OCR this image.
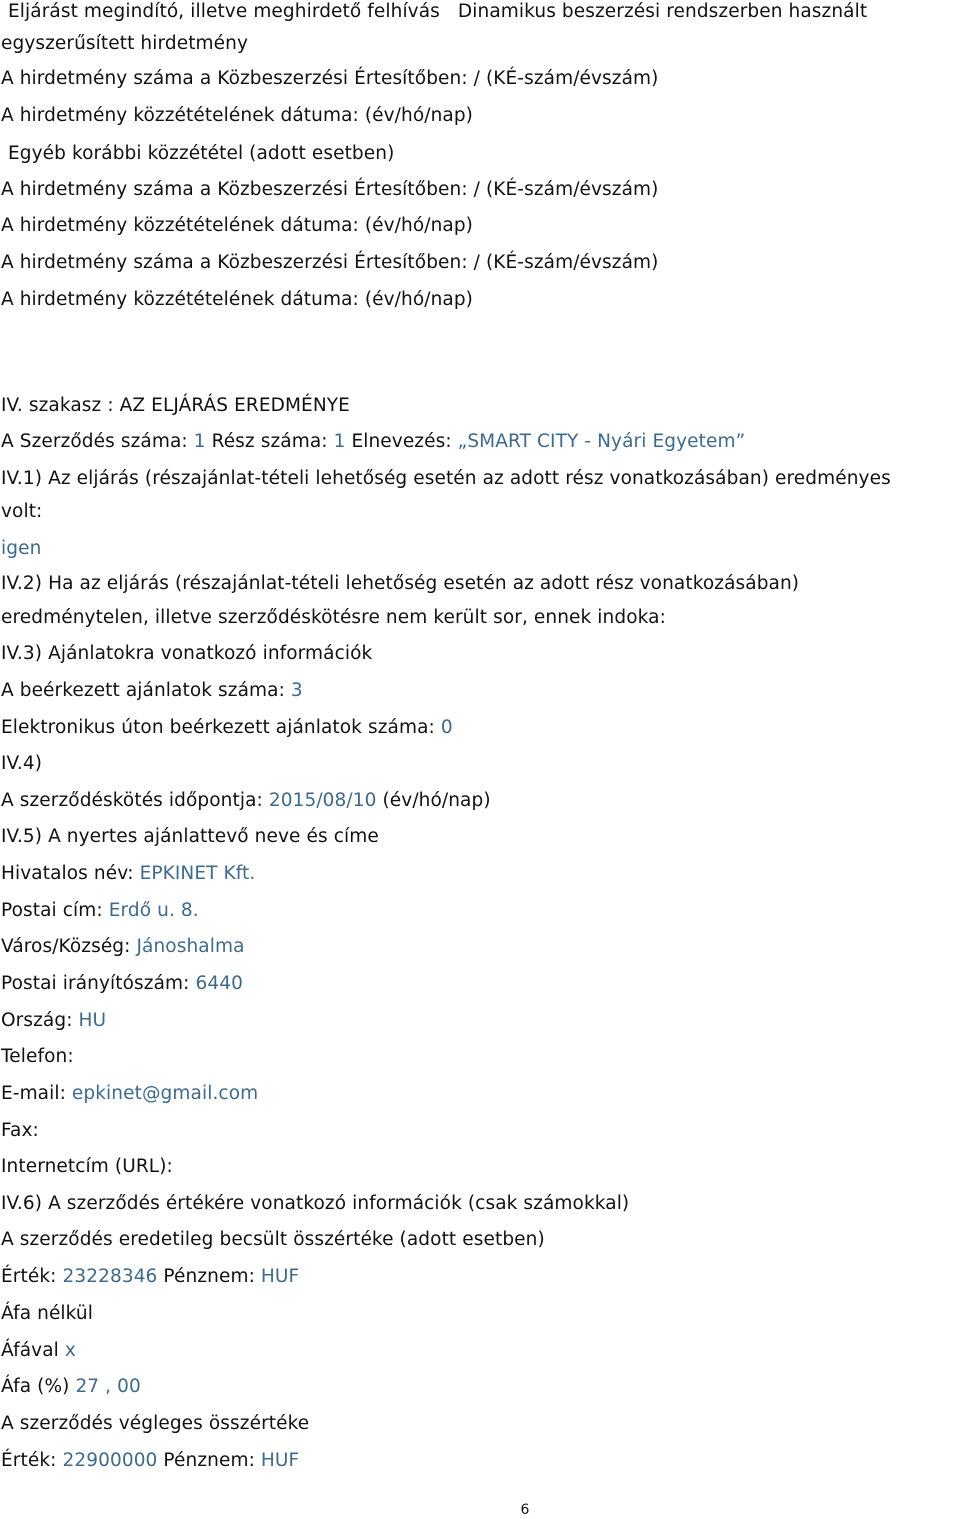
Eljárást megindító, illetve meghirdető felhívás Dinamikus beszerzési rendszerben használt
egyszerűsített hirdetmény
A hirdetmény száma a Közbeszerzési Értesítőben: / (KÉ-szám/évszám)
A hirdetmény közzétételének dátuma: (év/hó/nap)
Egyéb korábbi közzététel (adott esetben)
A hirdetmény száma a Közbeszerzési Értesítőben: / (KÉ-szám/évszám)
A hirdetmény közzétételének dátuma: (év/hó/nap)
A hirdetmény száma a Közbeszerzési Értesítőben: / (KÉ-szám/évszám)
A hirdetmény közzétételének dátuma: (év/hó/nap)
IV. szakasz : AZ ELJÁRÁS EREDMÉNYE
A Szerződés száma: 1 Rész száma: 1 Elnevezés: „SMART CITY - Nyári Egyetem”
IV.1) Az eljárás (részajánlat-tételi lehetőség esetén az adott rész vonatkozásában) eredményes
volt:
igen
IV.2) Ha az eljárás (részajánlat-tételi lehetőség esetén az adott rész vonatkozásában)
eredménytelen, illetve szerződéskötésre nem került sor, ennek indoka:
IV.3) Ajánlatokra vonatkozó információk
A beérkezett ajánlatok száma: 3
Elektronikus úton beérkezett ajánlatok száma: 0
IV.4)
A szerződéskötés időpontja: 2015/08/10 (év/hó/nap)
IV.5) A nyertes ajánlattevő neve és címe
Hivatalos név: EPKINET Kft.
Postai cím: Erdő u. 8.
Város/Község: Jánoshalma
Postai irányítószám: 6440
Ország: HU
Telefon:
E-mail: epkinet@gmail.com
Fax:
Internetcím (URL):
IV.6) A szerződés értékére vonatkozó információk (csak számokkal)
A szerződés eredetileg becsült összértéke (adott esetben)
Érték: 23228346 Pénznem: HUF
Áfa nélkül
Áfával x
Áfa (%) 27 , 00
A szerződés végleges összértéke
Érték: 22900000 Pénznem: HUF
6
